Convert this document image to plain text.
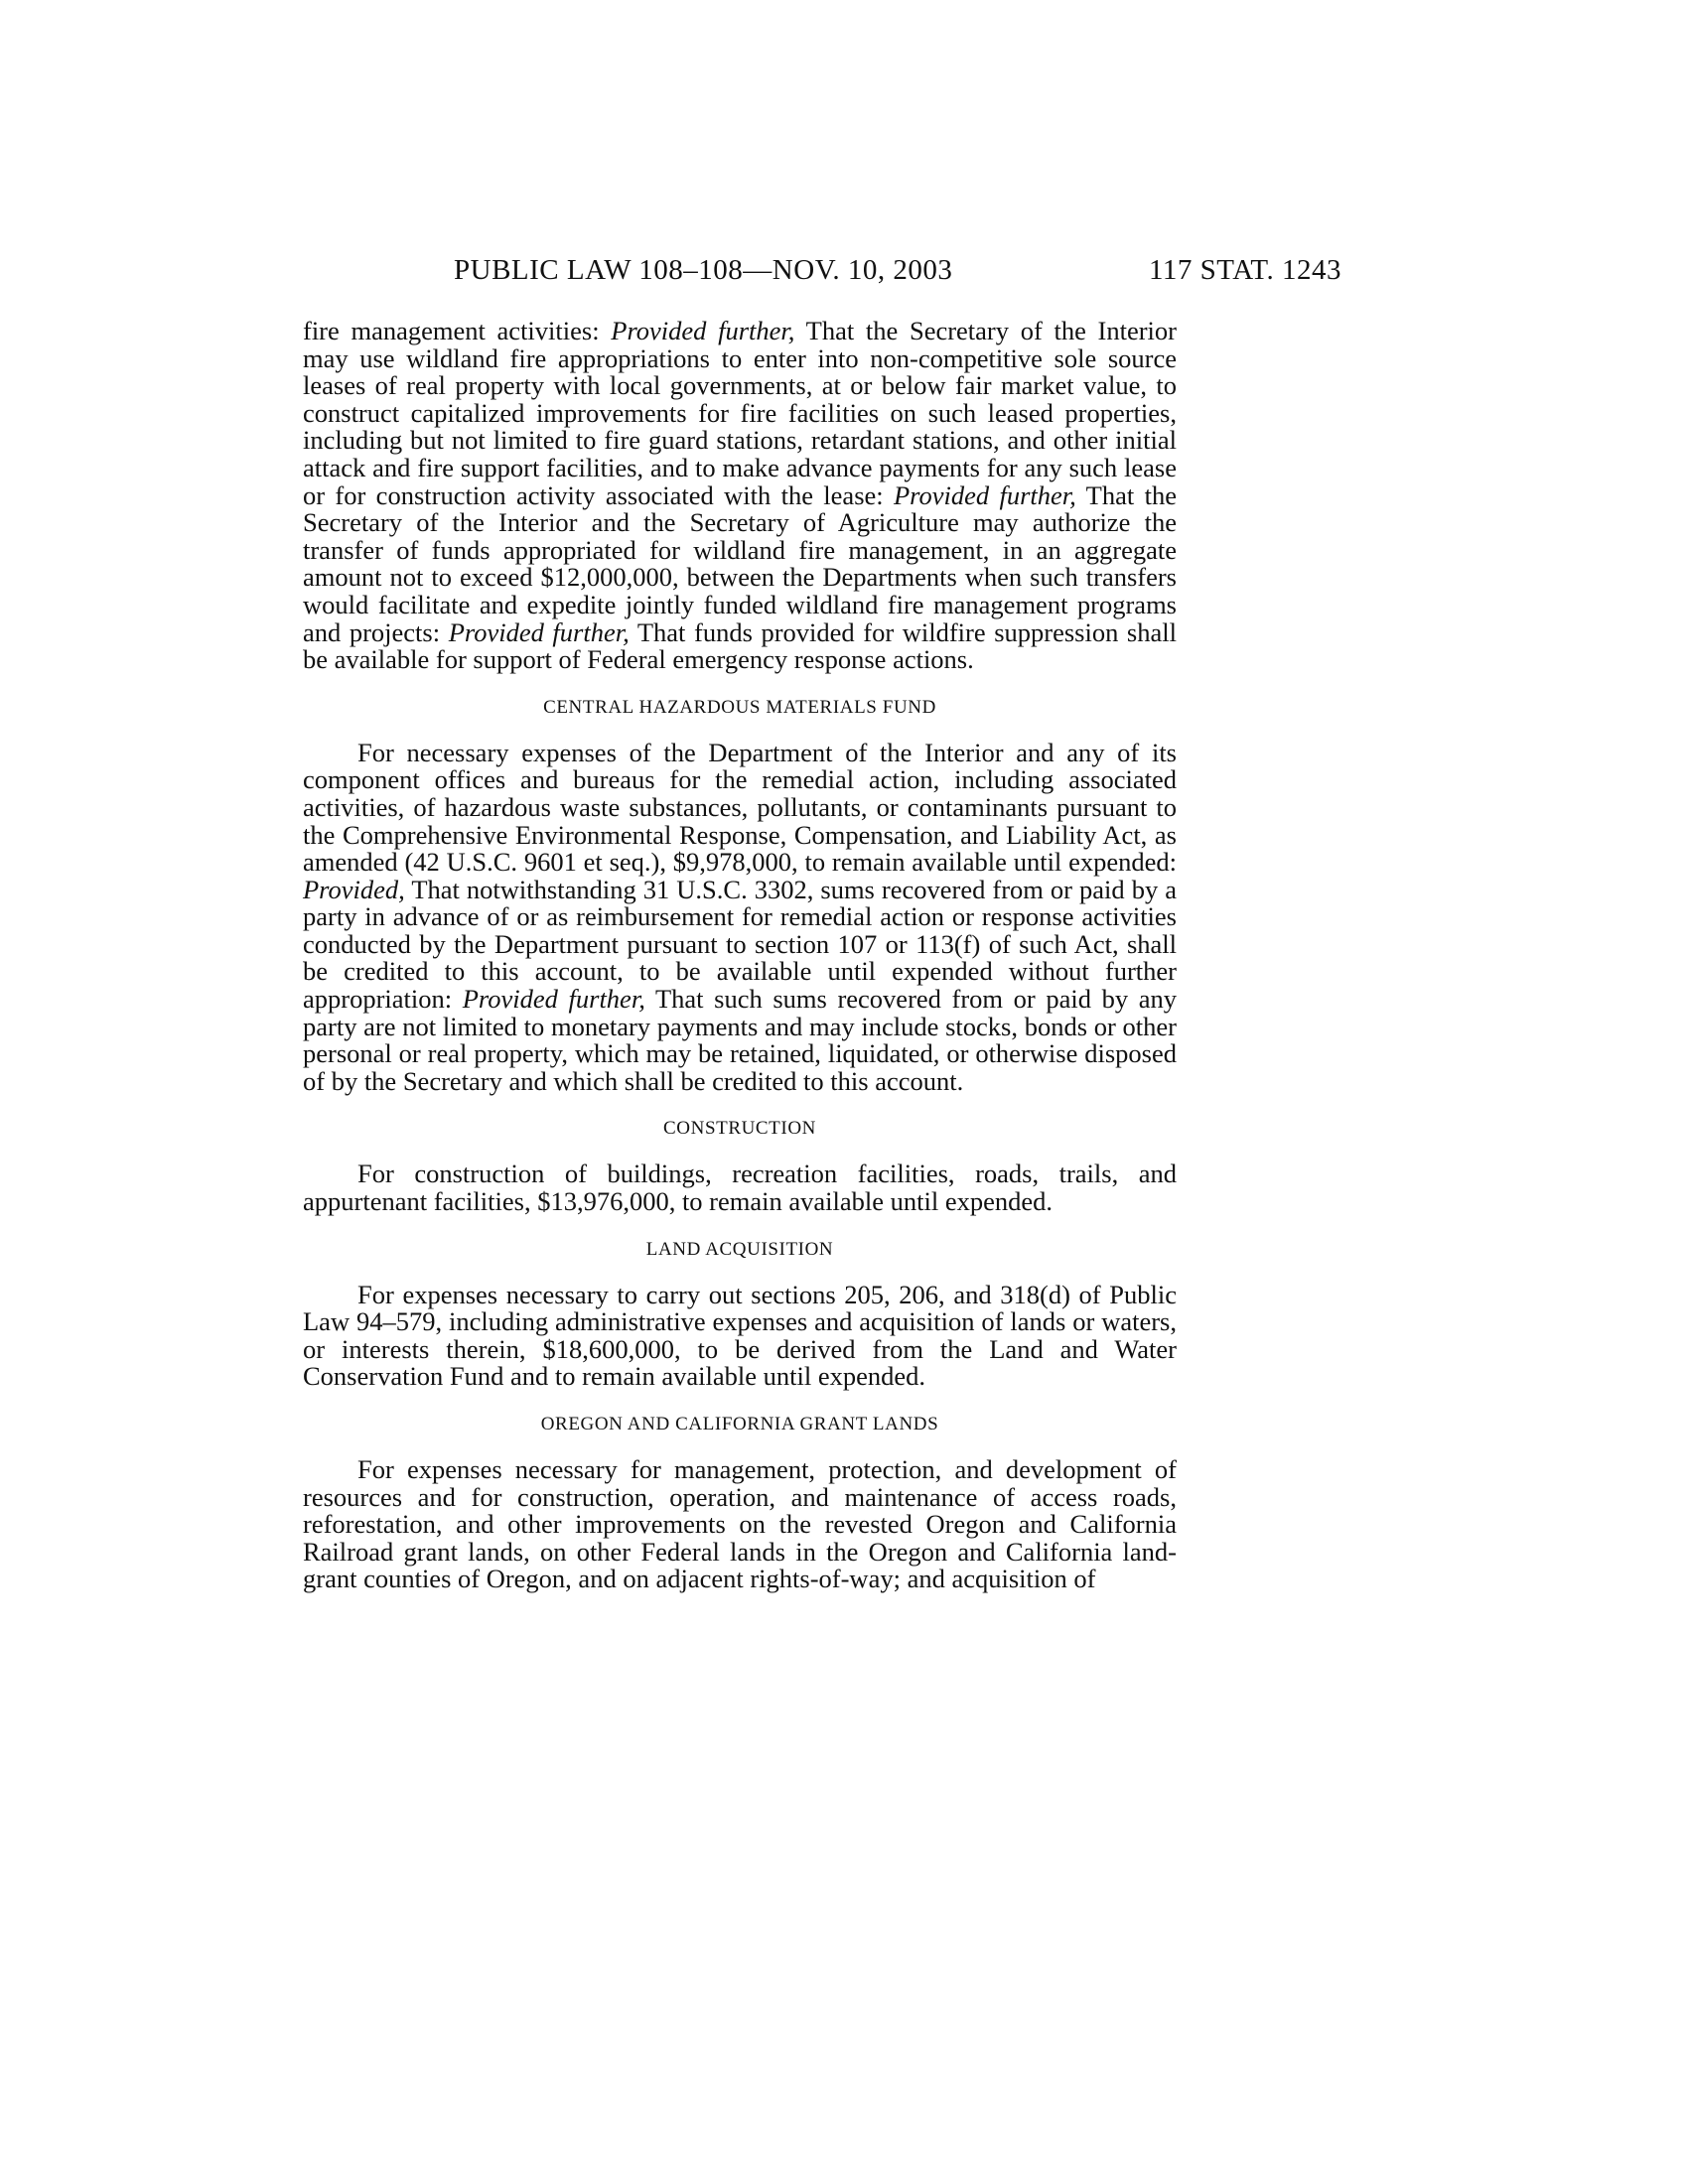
PUBLIC LAW 108–108—NOV. 10, 2003	117 STAT. 1243

fire management activities: Provided further, That the Secretary of the Interior may use wildland fire appropriations to enter into non-competitive sole source leases of real property with local governments, at or below fair market value, to construct capitalized improvements for fire facilities on such leased properties, including but not limited to fire guard stations, retardant stations, and other initial attack and fire support facilities, and to make advance payments for any such lease or for construction activity associated with the lease: Provided further, That the Secretary of the Interior and the Secretary of Agriculture may authorize the transfer of funds appropriated for wildland fire management, in an aggregate amount not to exceed $12,000,000, between the Departments when such transfers would facilitate and expedite jointly funded wildland fire management programs and projects: Provided further, That funds provided for wildfire suppression shall be available for support of Federal emergency response actions.

CENTRAL HAZARDOUS MATERIALS FUND

For necessary expenses of the Department of the Interior and any of its component offices and bureaus for the remedial action, including associated activities, of hazardous waste substances, pollutants, or contaminants pursuant to the Comprehensive Environmental Response, Compensation, and Liability Act, as amended (42 U.S.C. 9601 et seq.), $9,978,000, to remain available until expended: Provided, That notwithstanding 31 U.S.C. 3302, sums recovered from or paid by a party in advance of or as reimbursement for remedial action or response activities conducted by the Department pursuant to section 107 or 113(f) of such Act, shall be credited to this account, to be available until expended without further appropriation: Provided further, That such sums recovered from or paid by any party are not limited to monetary payments and may include stocks, bonds or other personal or real property, which may be retained, liquidated, or otherwise disposed of by the Secretary and which shall be credited to this account.

CONSTRUCTION

For construction of buildings, recreation facilities, roads, trails, and appurtenant facilities, $13,976,000, to remain available until expended.

LAND ACQUISITION

For expenses necessary to carry out sections 205, 206, and 318(d) of Public Law 94–579, including administrative expenses and acquisition of lands or waters, or interests therein, $18,600,000, to be derived from the Land and Water Conservation Fund and to remain available until expended.

OREGON AND CALIFORNIA GRANT LANDS

For expenses necessary for management, protection, and development of resources and for construction, operation, and maintenance of access roads, reforestation, and other improvements on the revested Oregon and California Railroad grant lands, on other Federal lands in the Oregon and California land-grant counties of Oregon, and on adjacent rights-of-way; and acquisition of
